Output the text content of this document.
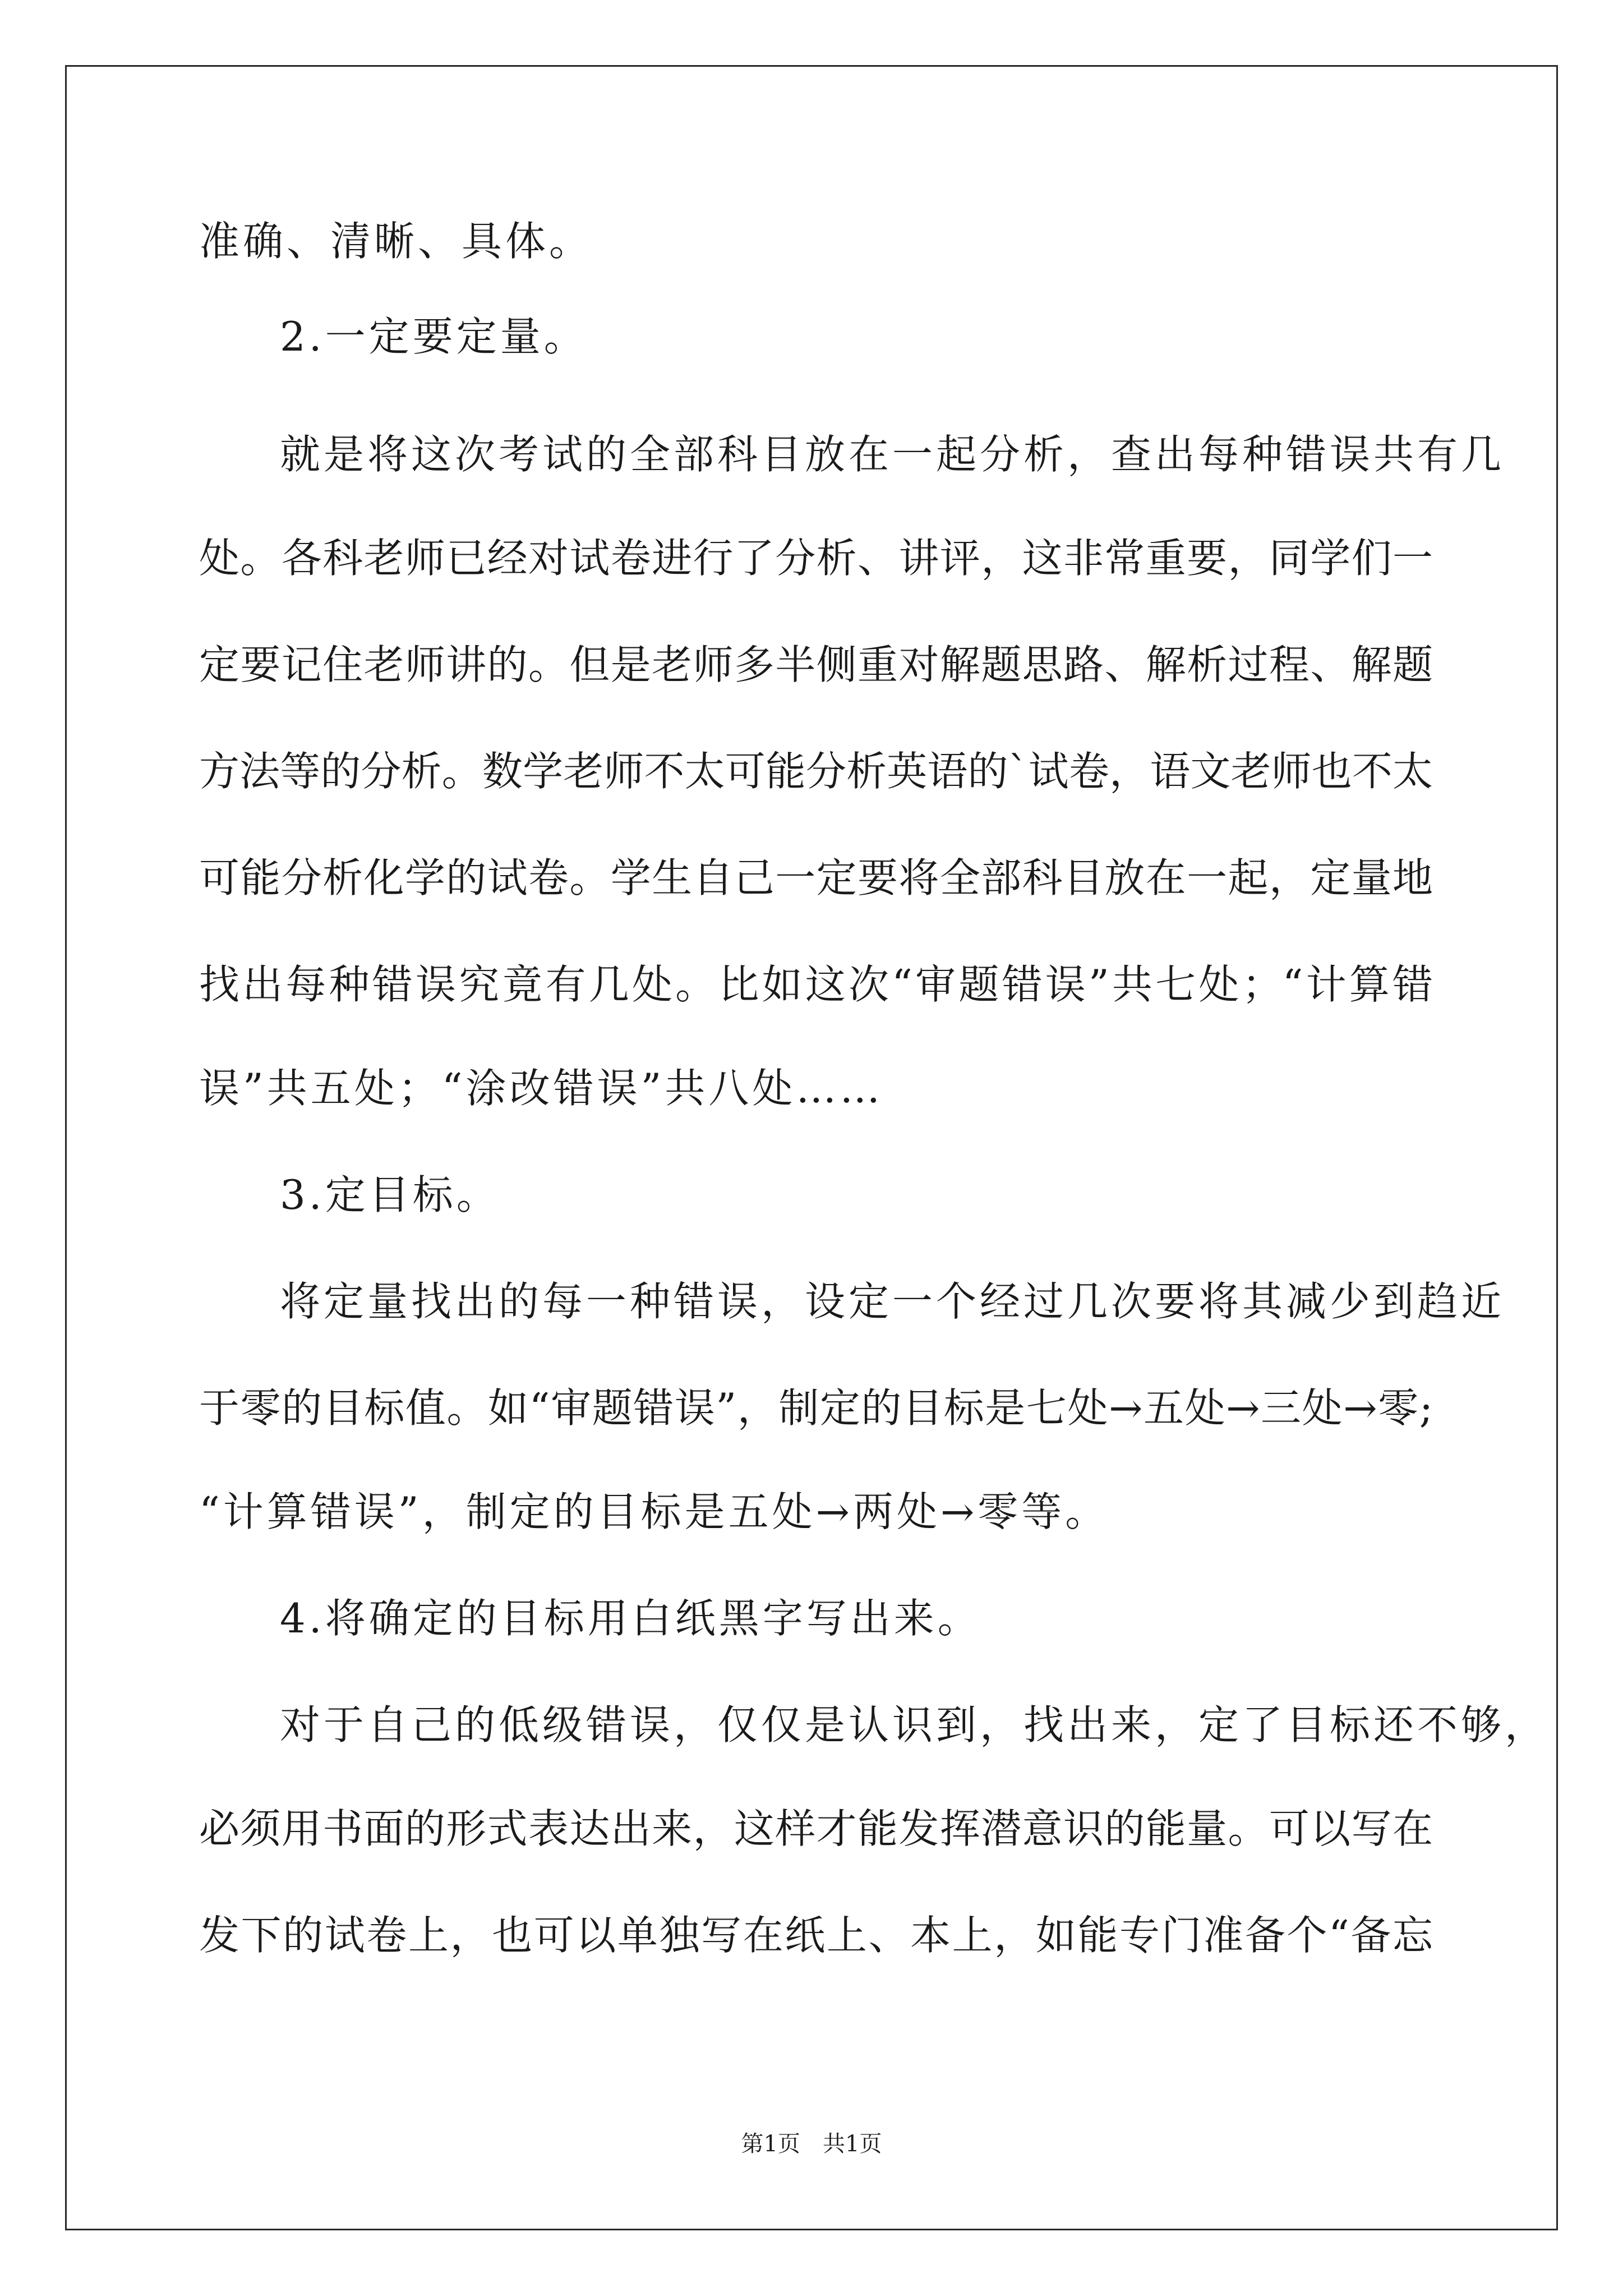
准确、清晰、具体。
2.一定要定量。
就是将这次考试的全部科目放在一起分析，查出每种错误共有几
处。各科老师已经对试卷进行了分析、讲评，这非常重要，同学们一
定要记住老师讲的。但是老师多半侧重对解题思路、解析过程、解题
方法等的分析。数学老师不太可能分析英语的`试卷，语文老师也不太
可能分析化学的试卷。学生自己一定要将全部科目放在一起，定量地
找出每种错误究竟有几处。比如这次“审题错误”共七处；“计算错
误”共五处；“涂改错误”共八处……
3.定目标。
将定量找出的每一种错误，设定一个经过几次要将其减少到趋近
于零的目标值。如“审题错误”，制定的目标是七处→五处→三处→零;
“计算错误”，制定的目标是五处→两处→零等。
4.将确定的目标用白纸黑字写出来。
对于自己的低级错误，仅仅是认识到，找出来，定了目标还不够，
必须用书面的形式表达出来，这样才能发挥潜意识的能量。可以写在
发下的试卷上，也可以单独写在纸上、本上，如能专门准备个“备忘
第1页　共1页
